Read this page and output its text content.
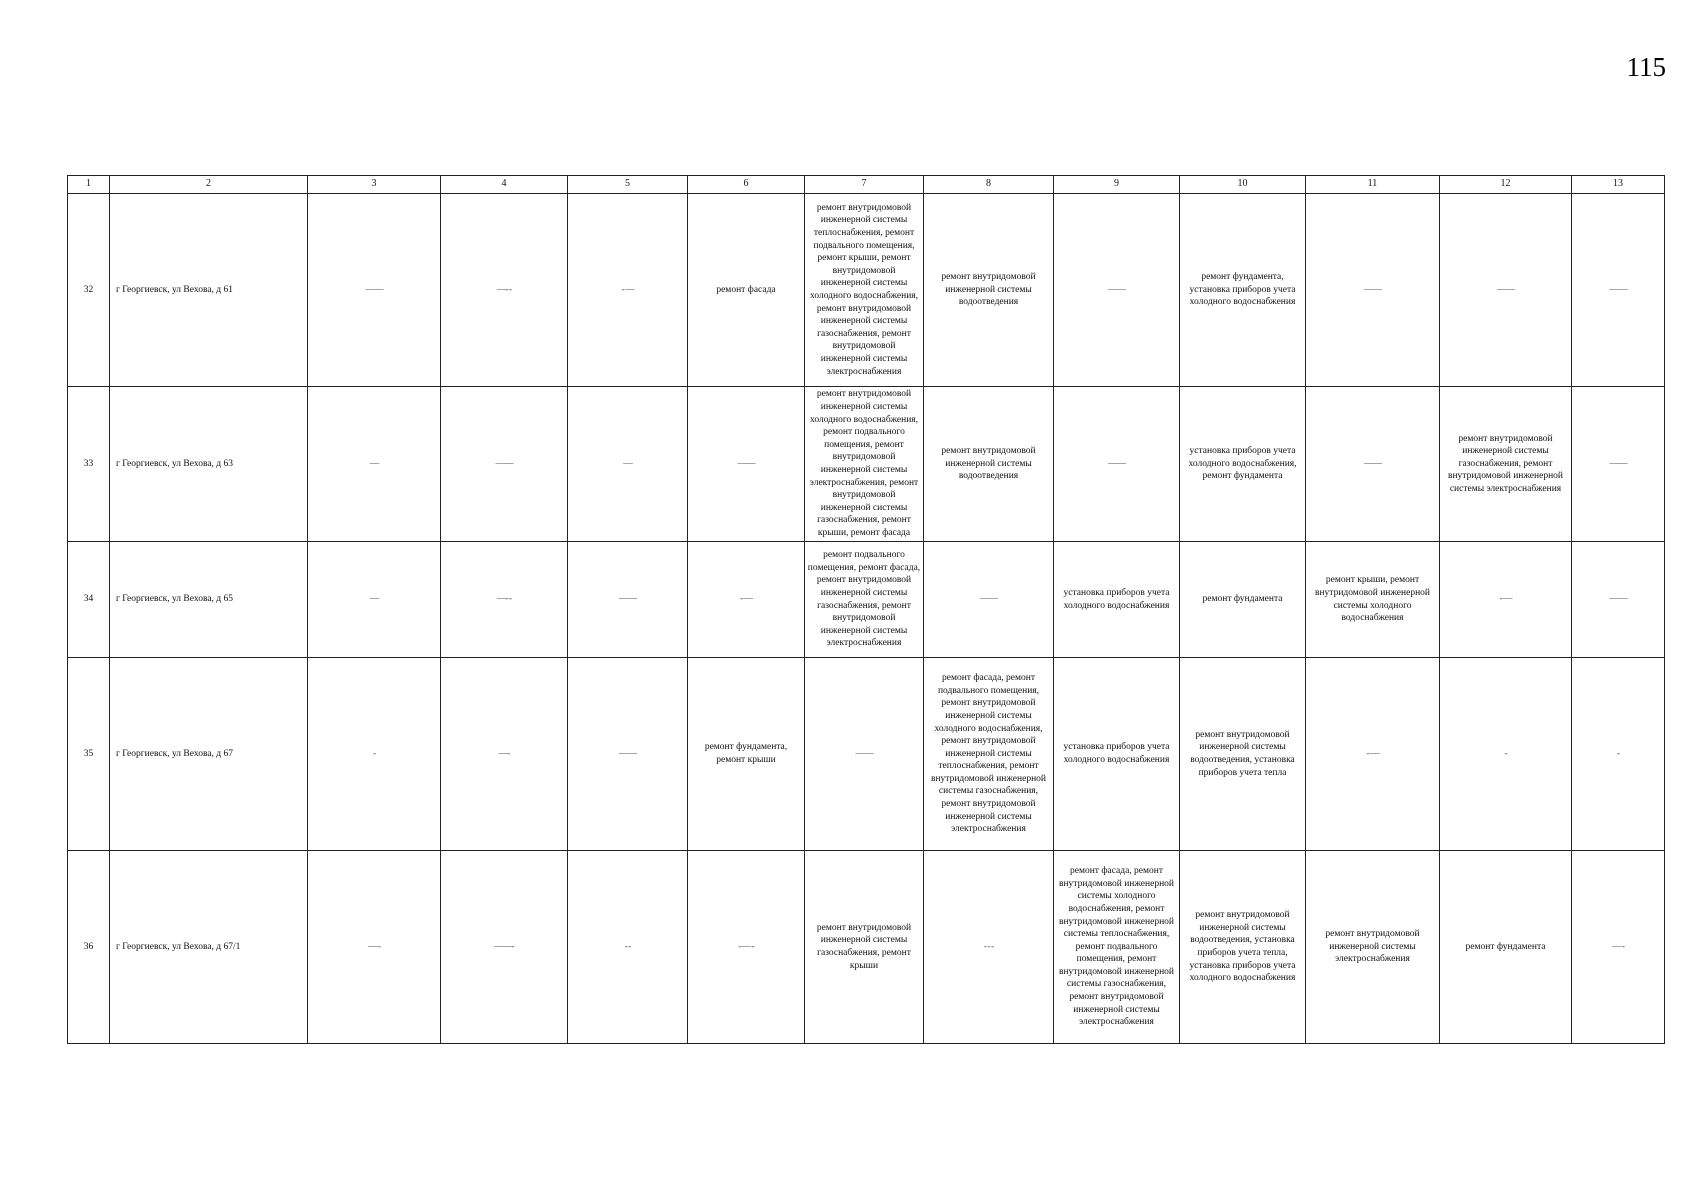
115
1	2	3	4	5	6	7	8	9	10	11	12	13
32	г Георгиевск, ул Вехова, д 61	——	—- -	- —	ремонт фасада	ремонт внутридомовой инженерной системы теплоснабжения, ремонт подвального помещения, ремонт крыши, ремонт внутридомовой инженерной системы холодного водоснабжения, ремонт внутридомовой инженерной системы газоснабжения, ремонт внутридомовой инженерной системы электроснабжения	ремонт внутридомовой инженерной системы водоотведения	——	ремонт фундамента, установка приборов учета холодного водоснабжения	——	——	——
33	г Георгиевск, ул Вехова, д 63	—	——	—	——	ремонт внутридомовой инженерной системы холодного водоснабжения, ремонт подвального помещения, ремонт внутридомовой инженерной системы электроснабжения, ремонт внутридомовой инженерной системы газоснабжения, ремонт крыши, ремонт фасада	ремонт внутридомовой инженерной системы водоотведения	——	установка приборов учета холодного водоснабжения, ремонт фундамента	——	ремонт внутридомовой инженерной системы газоснабжения, ремонт внутридомовой инженерной системы электроснабжения	——
34	г Георгиевск, ул Вехова, д 65	—	—- -	——	- —	ремонт подвального помещения, ремонт фасада, ремонт внутридомовой инженерной системы газоснабжения, ремонт внутридомовой инженерной системы электроснабжения	——	установка приборов учета холодного водоснабжения	ремонт фундамента	ремонт крыши, ремонт внутридомовой инженерной системы холодного водоснабжения	- —	——
35	г Георгиевск, ул Вехова, д 67	-	—-	——	ремонт фундамента, ремонт крыши	——	ремонт фасада, ремонт подвального помещения, ремонт внутридомовой инженерной системы холодного водоснабжения, ремонт внутридомовой инженерной системы теплоснабжения, ремонт внутридомовой инженерной системы газоснабжения, ремонт внутридомовой инженерной системы электроснабжения	установка приборов учета холодного водоснабжения	ремонт внутридомовой инженерной системы водоотведения, установка приборов учета тепла	- —	-	-
36	г Георгиевск, ул Вехова, д 67/1	— -	——-	- -	- — -	ремонт внутридомовой инженерной системы газоснабжения, ремонт крыши	- - -	ремонт фасада, ремонт внутридомовой инженерной системы холодного водоснабжения, ремонт внутридомовой инженерной системы теплоснабжения, ремонт подвального помещения, ремонт внутридомовой инженерной системы газоснабжения, ремонт внутридомовой инженерной системы электроснабжения	ремонт внутридомовой инженерной системы водоотведения, установка приборов учета тепла, установка приборов учета холодного водоснабжения	ремонт внутридомовой инженерной системы электроснабжения	ремонт фундамента	— -
